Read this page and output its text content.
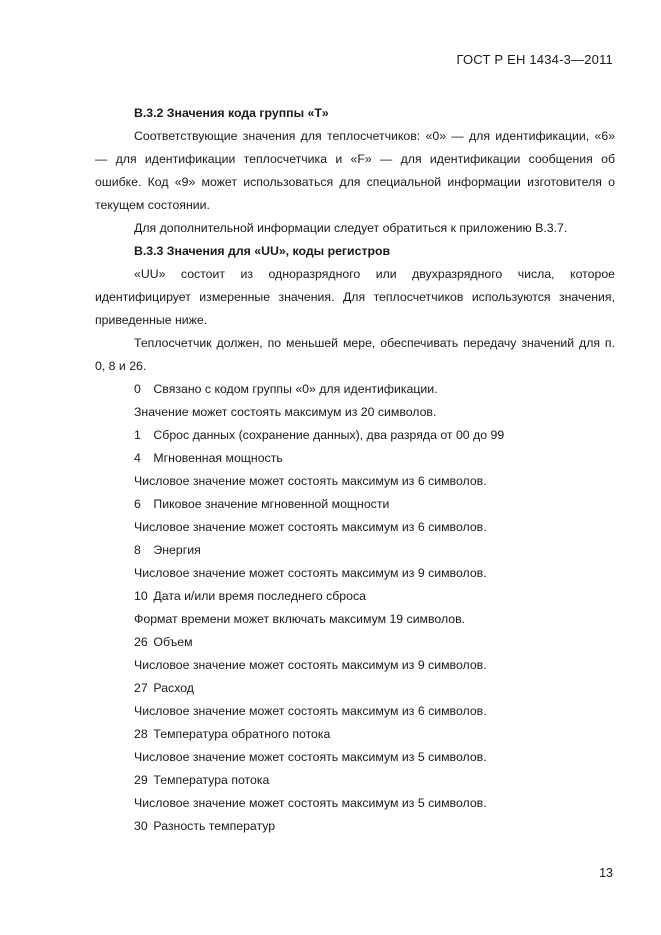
ГОСТ Р ЕН 1434-3—2011

В.3.2 Значения кода группы «Т»

Соответствующие значения для теплосчетчиков: «0» — для идентификации, «6» — для идентификации теплосчетчика и «F» — для идентификации сообщения об ошибке. Код «9» может использоваться для специальной информации изготовителя о текущем состоянии.

Для дополнительной информации следует обратиться к приложению В.3.7.

В.3.3 Значения для «UU», коды регистров

«UU» состоит из одноразрядного или двухразрядного числа, которое идентифицирует измеренные значения. Для теплосчетчиков используются значения, приведенные ниже.

Теплосчетчик должен, по меньшей мере, обеспечивать передачу значений для п. 0, 8 и 26.

0 Связано с кодом группы «0» для идентификации.

Значение может состоять максимум из 20 символов.

1 Сброс данных (сохранение данных), два разряда от 00 до 99

4 Мгновенная мощность

Числовое значение может состоять максимум из 6 символов.

6 Пиковое значение мгновенной мощности

Числовое значение может состоять максимум из 6 символов.

8 Энергия

Числовое значение может состоять максимум из 9 символов.

10 Дата и/или время последнего сброса

Формат времени может включать максимум 19 символов.

26 Объем

Числовое значение может состоять максимум из 9 символов.

27 Расход

Числовое значение может состоять максимум из 6 символов.

28 Температура обратного потока

Числовое значение может состоять максимум из 5 символов.

29 Температура потока

Числовое значение может состоять максимум из 5 символов.

30 Разность температур

13
